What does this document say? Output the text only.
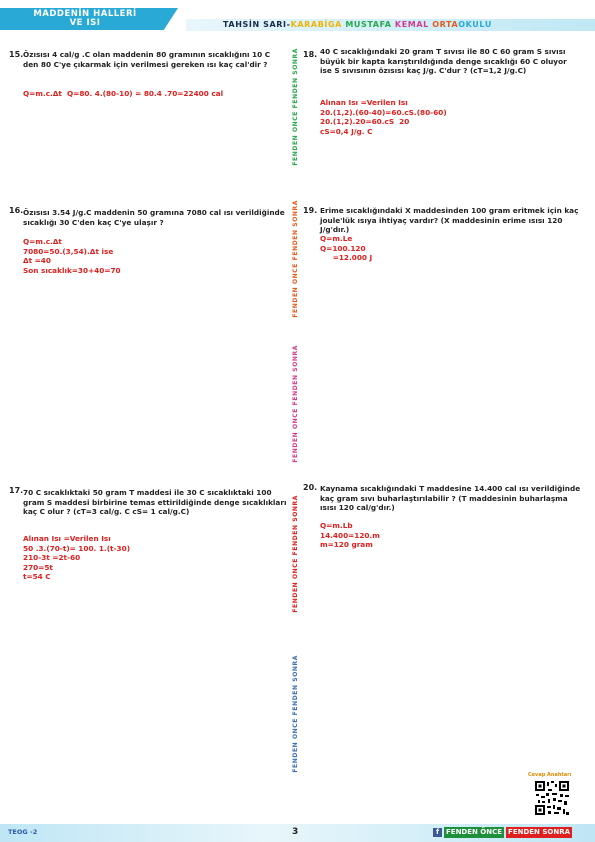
MADDENİN HALLERİ
VE ISI	TAHSİN SARI-KARABİGA MUSTAFA KEMAL ORTAOKULU
FENDEN ÖNCE FENDEN SONRA
FENDEN ÖNCE FENDEN SONRA
FENDEN ÖNCE FENDEN SONRA
FENDEN ÖNCE FENDEN SONRA
FENDEN ÖNCE FENDEN SONRA
15. Özısısı 4 cal/g .C olan maddenin 80 gramının sıcaklığını 10 C den 80 C'ye çıkarmak için verilmesi gereken ısı kaç cal'dir ?
Q=m.c.Δt  Q=80. 4.(80-10) = 80.4 .70=22400 cal
16. Özısısı 3.54 J/g.C maddenin 50 gramına 7080 cal ısı verildiğinde sıcaklığı 30 C'den kaç C'ye ulaşır ?
Q=m.c.Δt
7080=50.(3,54).Δt ise
Δt =40
Son sıcaklık=30+40=70
17. 70 C sıcaklıktaki 50 gram T maddesi ile 30 C sıcaklıktaki 100 gram S maddesi birbirine temas ettirildiğinde denge sıcaklıkları kaç C olur ? (cT=3 cal/g. C cS= 1 cal/g.C)
Alınan Isı =Verilen Isı
50 .3.(70-t)= 100. 1.(t-30)
210-3t =2t-60
270=5t
t=54 C
18. 40 C sıcaklığındaki 20 gram T sıvısı ile 80 C 60 gram S sıvısı büyük bir kapta karıştırıldığında denge sıcaklığı 60 C oluyor ise S sıvısının özısısı kaç J/g. C'dur ? (cT=1,2 J/g.C)
Alınan Isı =Verilen Isı
20.(1,2).(60-40)=60.cS.(80-60)
20.(1,2).20=60.cS  20
cS=0,4 J/g. C
19. Erime sıcaklığındaki X maddesinden 100 gram eritmek için kaç joule'lük ısıya ihtiyaç vardır? (X maddesinin erime ısısı 120 J/g'dır.)
Q=m.Le
Q=100.120
=12.000 J
20. Kaynama sıcaklığındaki T maddesine 14.400 cal ısı verildiğinde kaç gram sıvı buharlaştırılabilir ? (T maddesinin buharlaşma ısısı 120 cal/g'dır.)
Q=m.Lb
14.400=120.m
m=120 gram
Cevap Anahtarı
TEOG -2	3	f FENDEN ÖNCE FENDEN SONRA
